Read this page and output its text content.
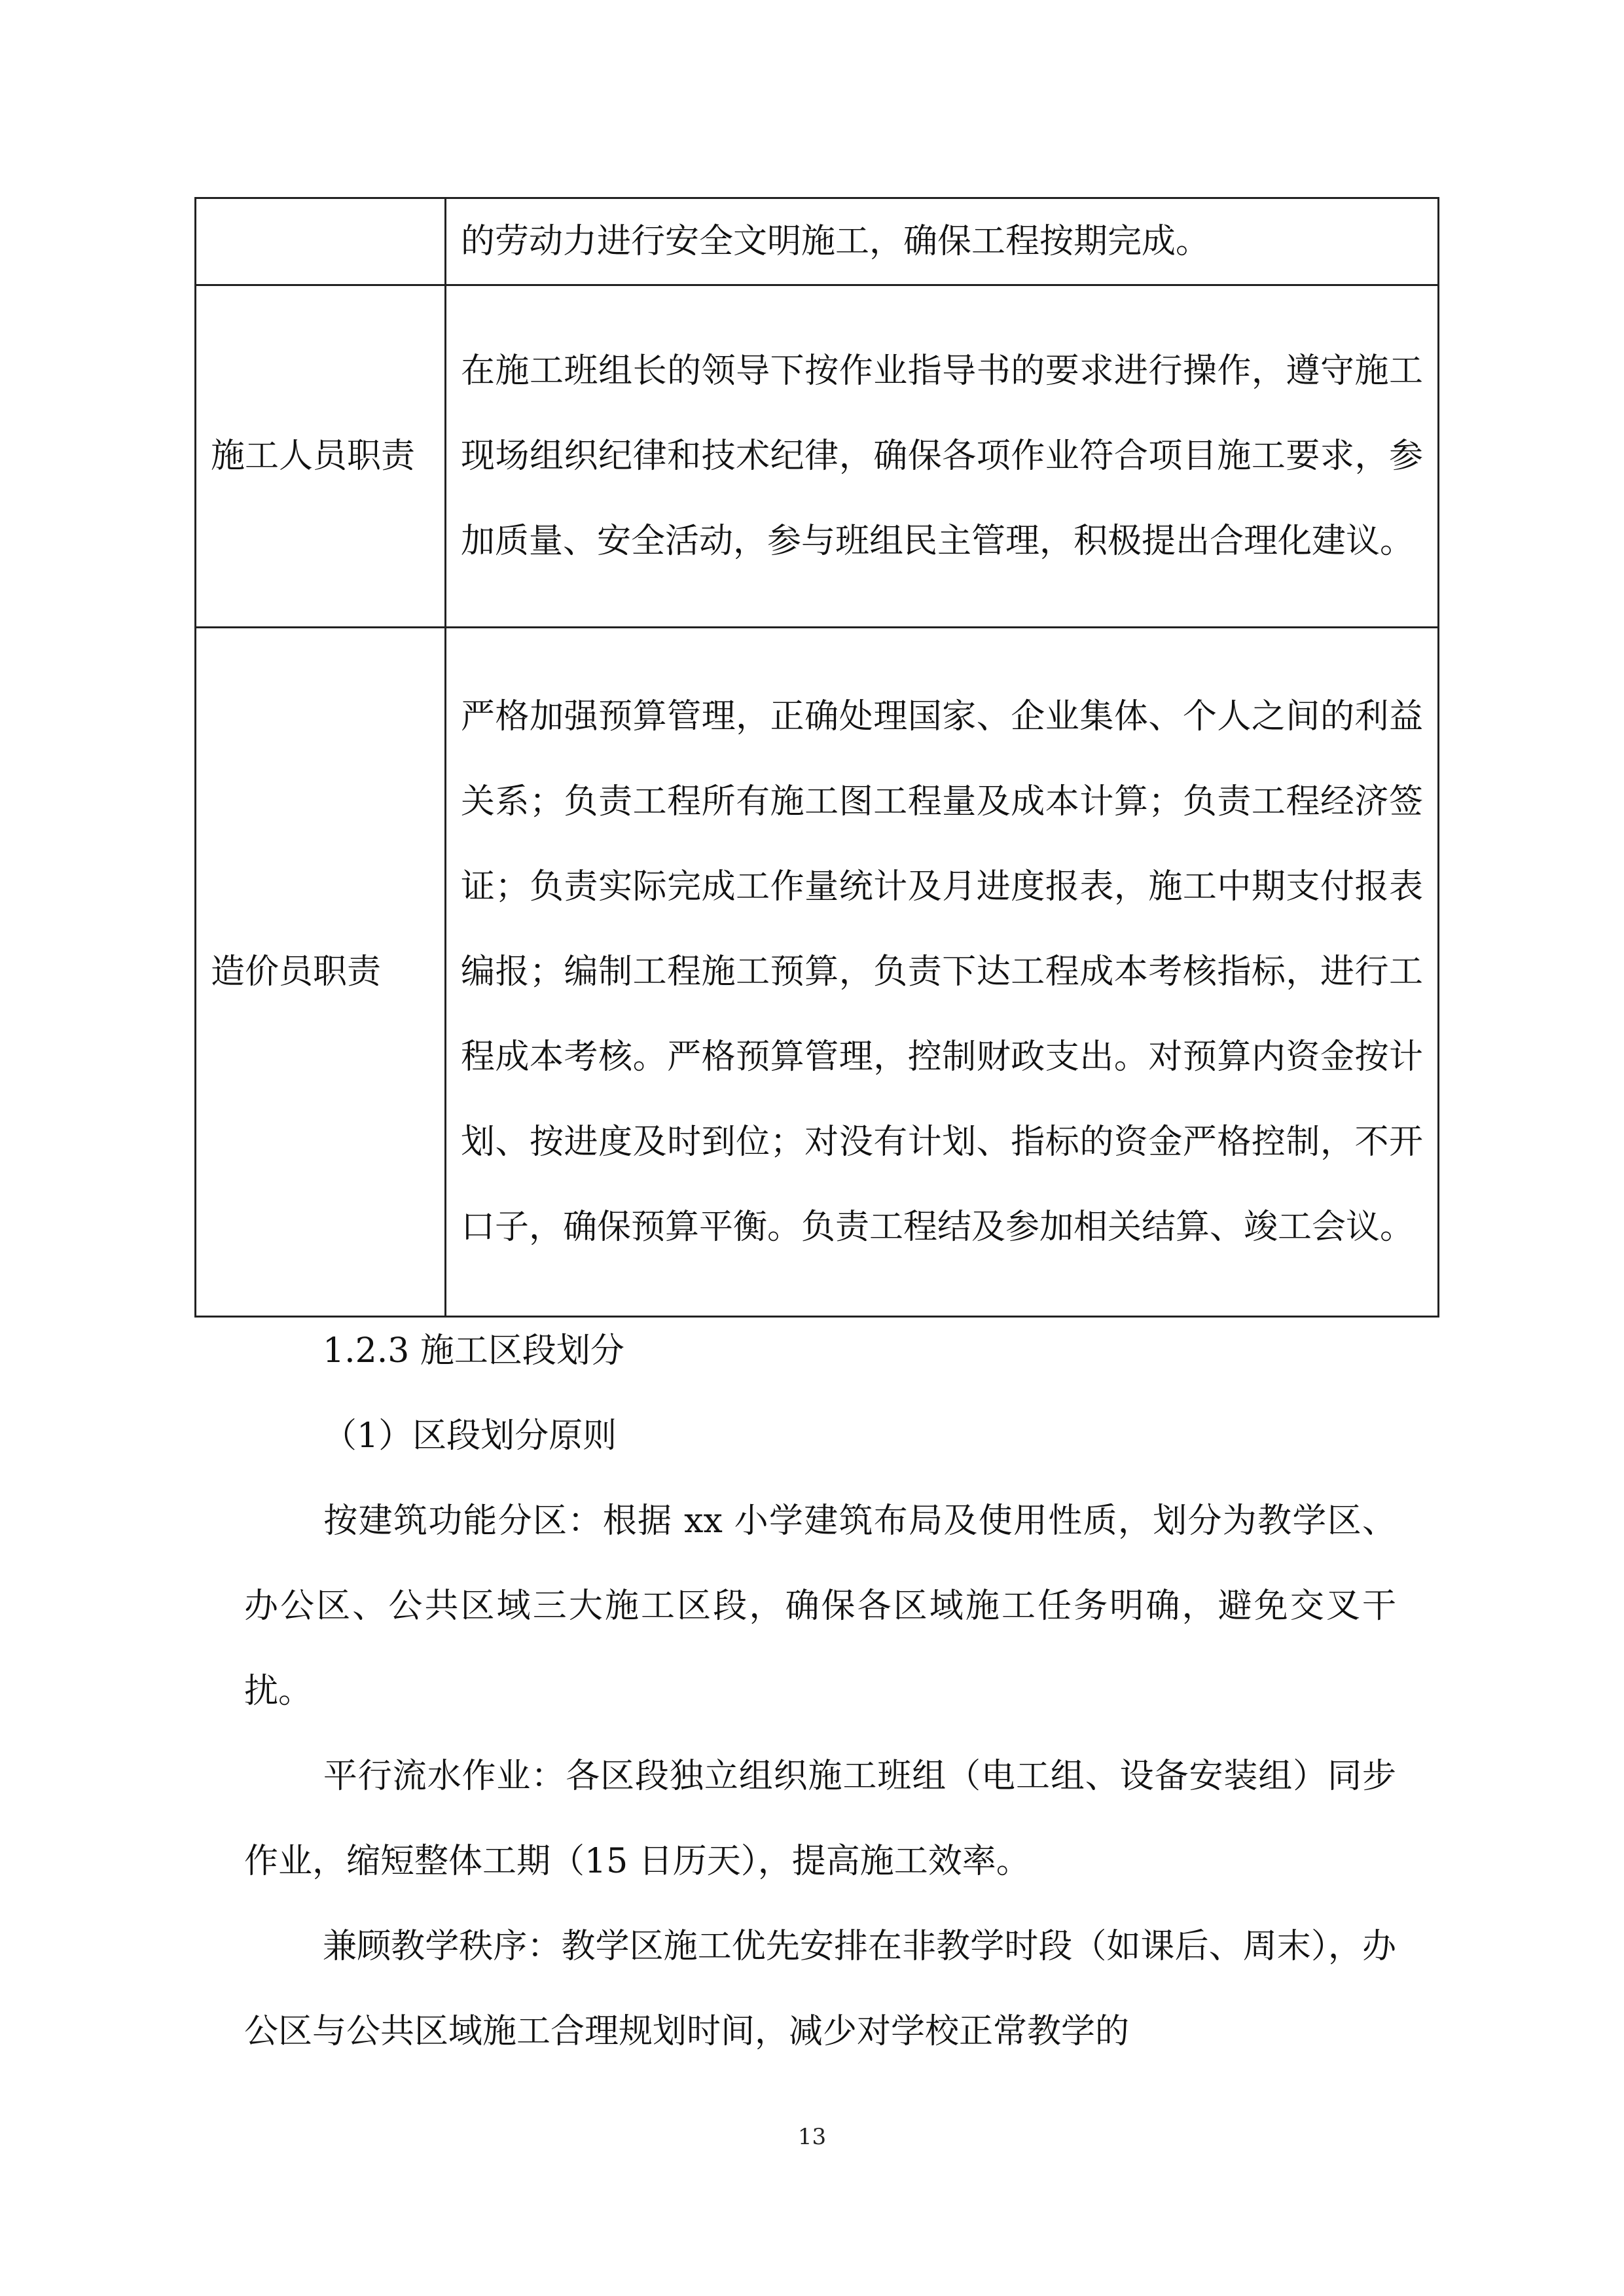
	的劳动力进行安全文明施工，确保工程按期完成。
施工人员职责	在施工班组长的领导下按作业指导书的要求进行操作，遵守施工现场组织纪律和技术纪律，确保各项作业符合项目施工要求，参加质量、安全活动，参与班组民主管理，积极提出合理化建议。
造价员职责	严格加强预算管理，正确处理国家、企业集体、个人之间的利益关系；负责工程所有施工图工程量及成本计算；负责工程经济签证；负责实际完成工作量统计及月进度报表，施工中期支付报表编报；编制工程施工预算，负责下达工程成本考核指标，进行工程成本考核。严格预算管理，控制财政支出。对预算内资金按计划、按进度及时到位；对没有计划、指标的资金严格控制，不开口子，确保预算平衡。负责工程结及参加相关结算、竣工会议。

1.2.3 施工区段划分

（1）区段划分原则

按建筑功能分区：根据 xx 小学建筑布局及使用性质，划分为教学区、办公区、公共区域三大施工区段，确保各区域施工任务明确，避免交叉干扰。

平行流水作业：各区段独立组织施工班组（电工组、设备安装组）同步作业，缩短整体工期（15 日历天），提高施工效率。

兼顾教学秩序：教学区施工优先安排在非教学时段（如课后、周末），办公区与公共区域施工合理规划时间，减少对学校正常教学的

13
